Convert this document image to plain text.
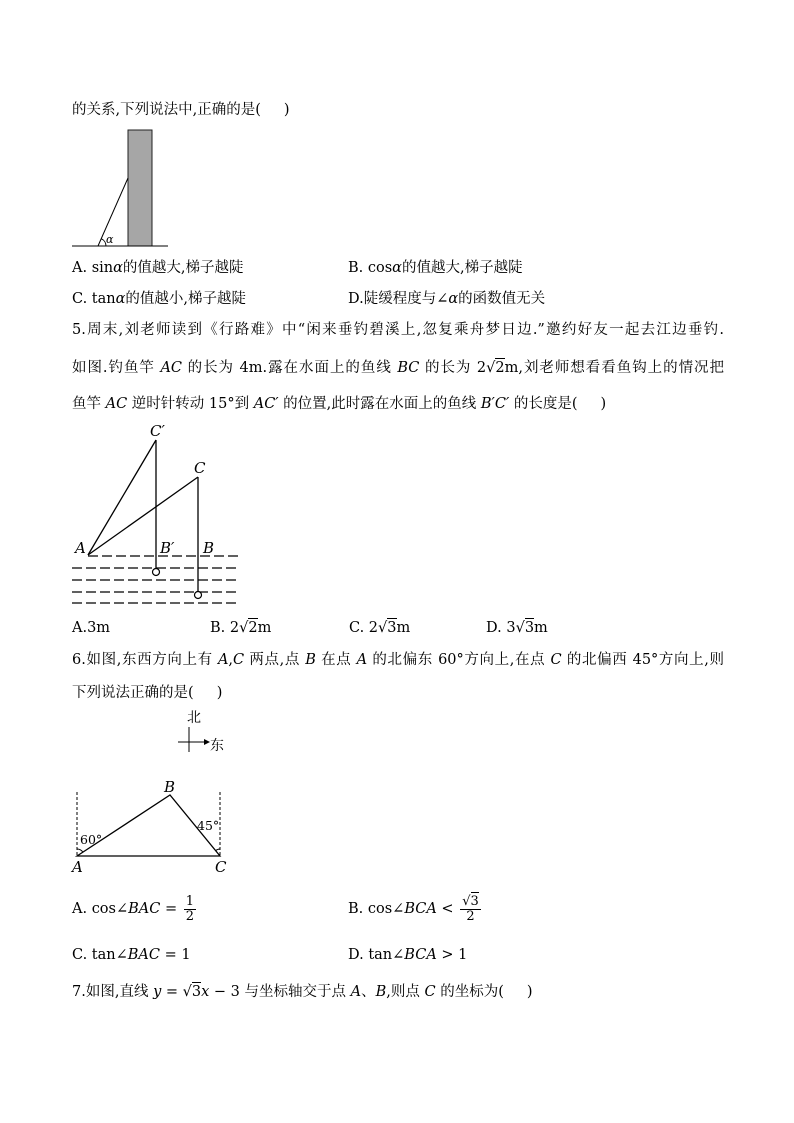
的关系,下列说法中,正确的是(     )
α
A. sinα的值越大,梯子越陡	B. cosα的值越大,梯子越陡
C. tanα的值越小,梯子越陡	D.陡缓程度与∠α的函数值无关
5.周末,刘老师读到《行路难》中“闲来垂钓碧溪上,忽复乘舟梦日边.”邀约好友一起去江边垂钓.
如图.钓鱼竿 AC 的长为 4m.露在水面上的鱼线 BC 的长为 2√2m,刘老师想看看鱼钩上的情况把
鱼竿 AC 逆时针转动 15°到 AC′ 的位置,此时露在水面上的鱼线 B′C′ 的长度是(     )
C′
C
A	B′ B
A.3m	B. 2√2m	C. 2√3m	D. 3√3m
6.如图,东西方向上有 A,C 两点,点 B 在点 A 的北偏东 60°方向上,在点 C 的北偏西 45°方向上,则
下列说法正确的是(     )
北
东
60°
45°
A
B
C
A. cos∠BAC = $\frac{1}{2}$	B. cos∠BCA < $\frac{√3}{2}$
C. tan∠BAC = 1	D. tan∠BCA > 1
7.如图,直线 y = √3x − 3 与坐标轴交于点 A、B,则点 C 的坐标为(     )
